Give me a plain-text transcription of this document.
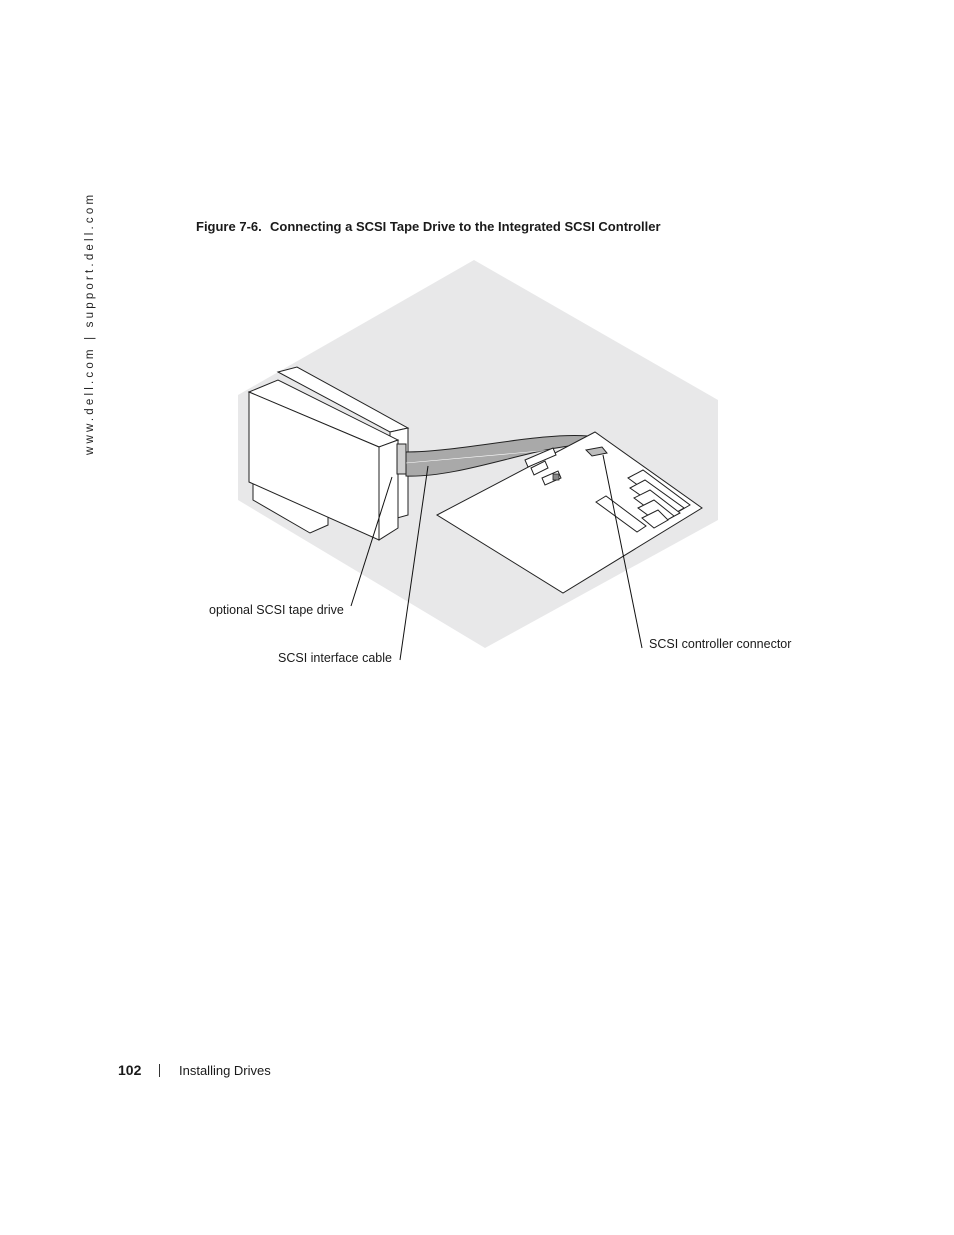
www.dell.com | support.dell.com	Figure 7-6. Connecting a SCSI Tape Drive to the Integrated SCSI Controller
optional SCSI tape drive
SCSI interface cable
SCSI controller connector
102	Installing Drives
